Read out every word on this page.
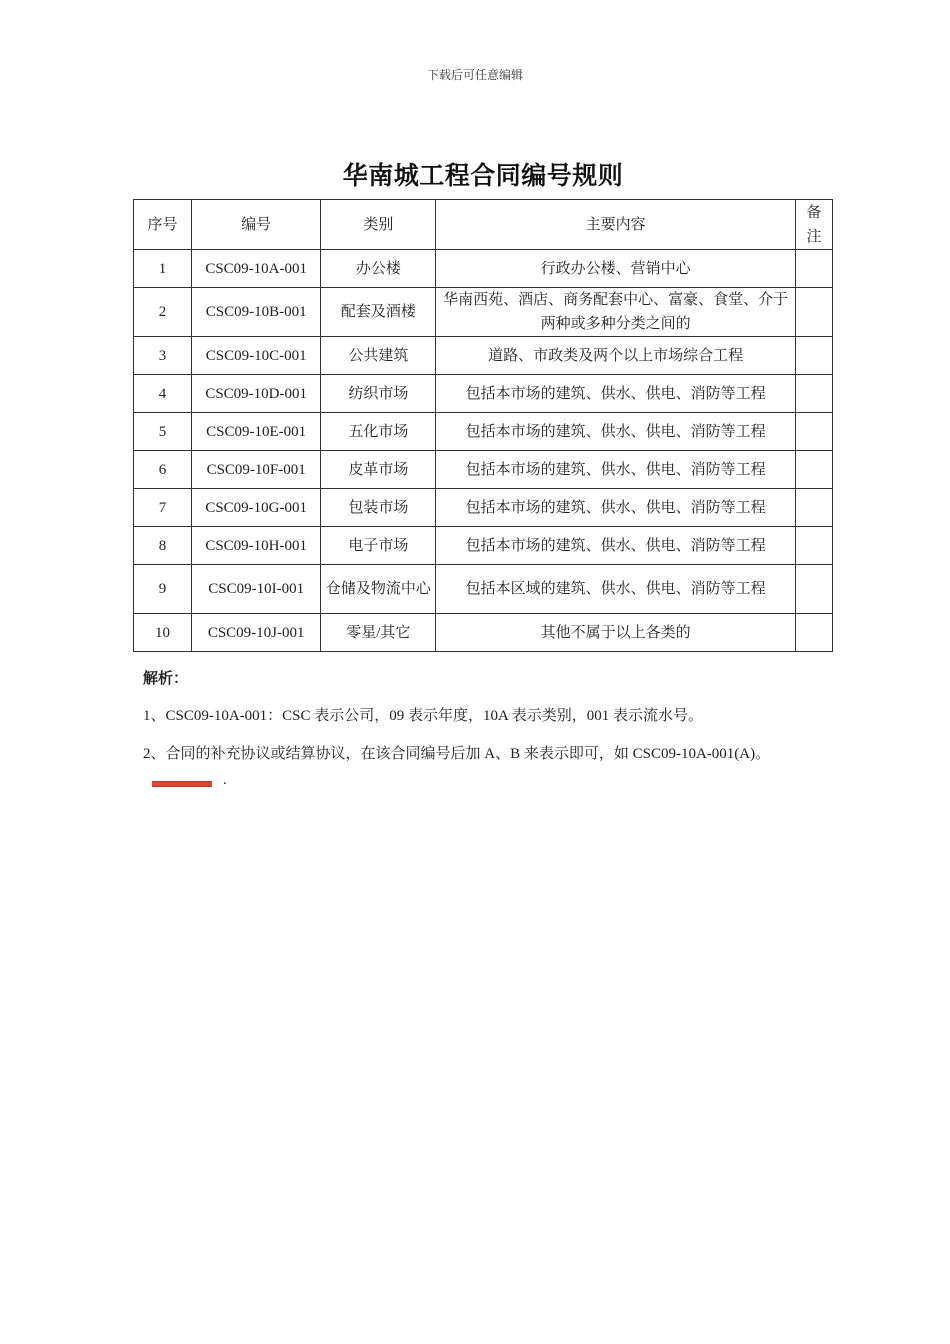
下载后可任意编辑
华南城工程合同编号规则
序号	编号	类别	主要内容	备注
1	CSC09-10A-001	办公楼	行政办公楼、营销中心	
2	CSC09-10B-001	配套及酒楼	华南西苑、酒店、商务配套中心、富豪、食堂、介于两种或多种分类之间的	
3	CSC09-10C-001	公共建筑	道路、市政类及两个以上市场综合工程	
4	CSC09-10D-001	纺织市场	包括本市场的建筑、供水、供电、消防等工程	
5	CSC09-10E-001	五化市场	包括本市场的建筑、供水、供电、消防等工程	
6	CSC09-10F-001	皮革市场	包括本市场的建筑、供水、供电、消防等工程	
7	CSC09-10G-001	包装市场	包括本市场的建筑、供水、供电、消防等工程	
8	CSC09-10H-001	电子市场	包括本市场的建筑、供水、供电、消防等工程	
9	CSC09-10I-001	仓储及物流中心	包括本区域的建筑、供水、供电、消防等工程	
10	CSC09-10J-001	零星/其它	其他不属于以上各类的	
解析：
1、CSC09-10A-001：CSC 表示公司，09 表示年度，10A 表示类别，001 表示流水号。
2、合同的补充协议或结算协议，在该合同编号后加 A、B 来表示即可，如 CSC09-10A-001(A)。
.
